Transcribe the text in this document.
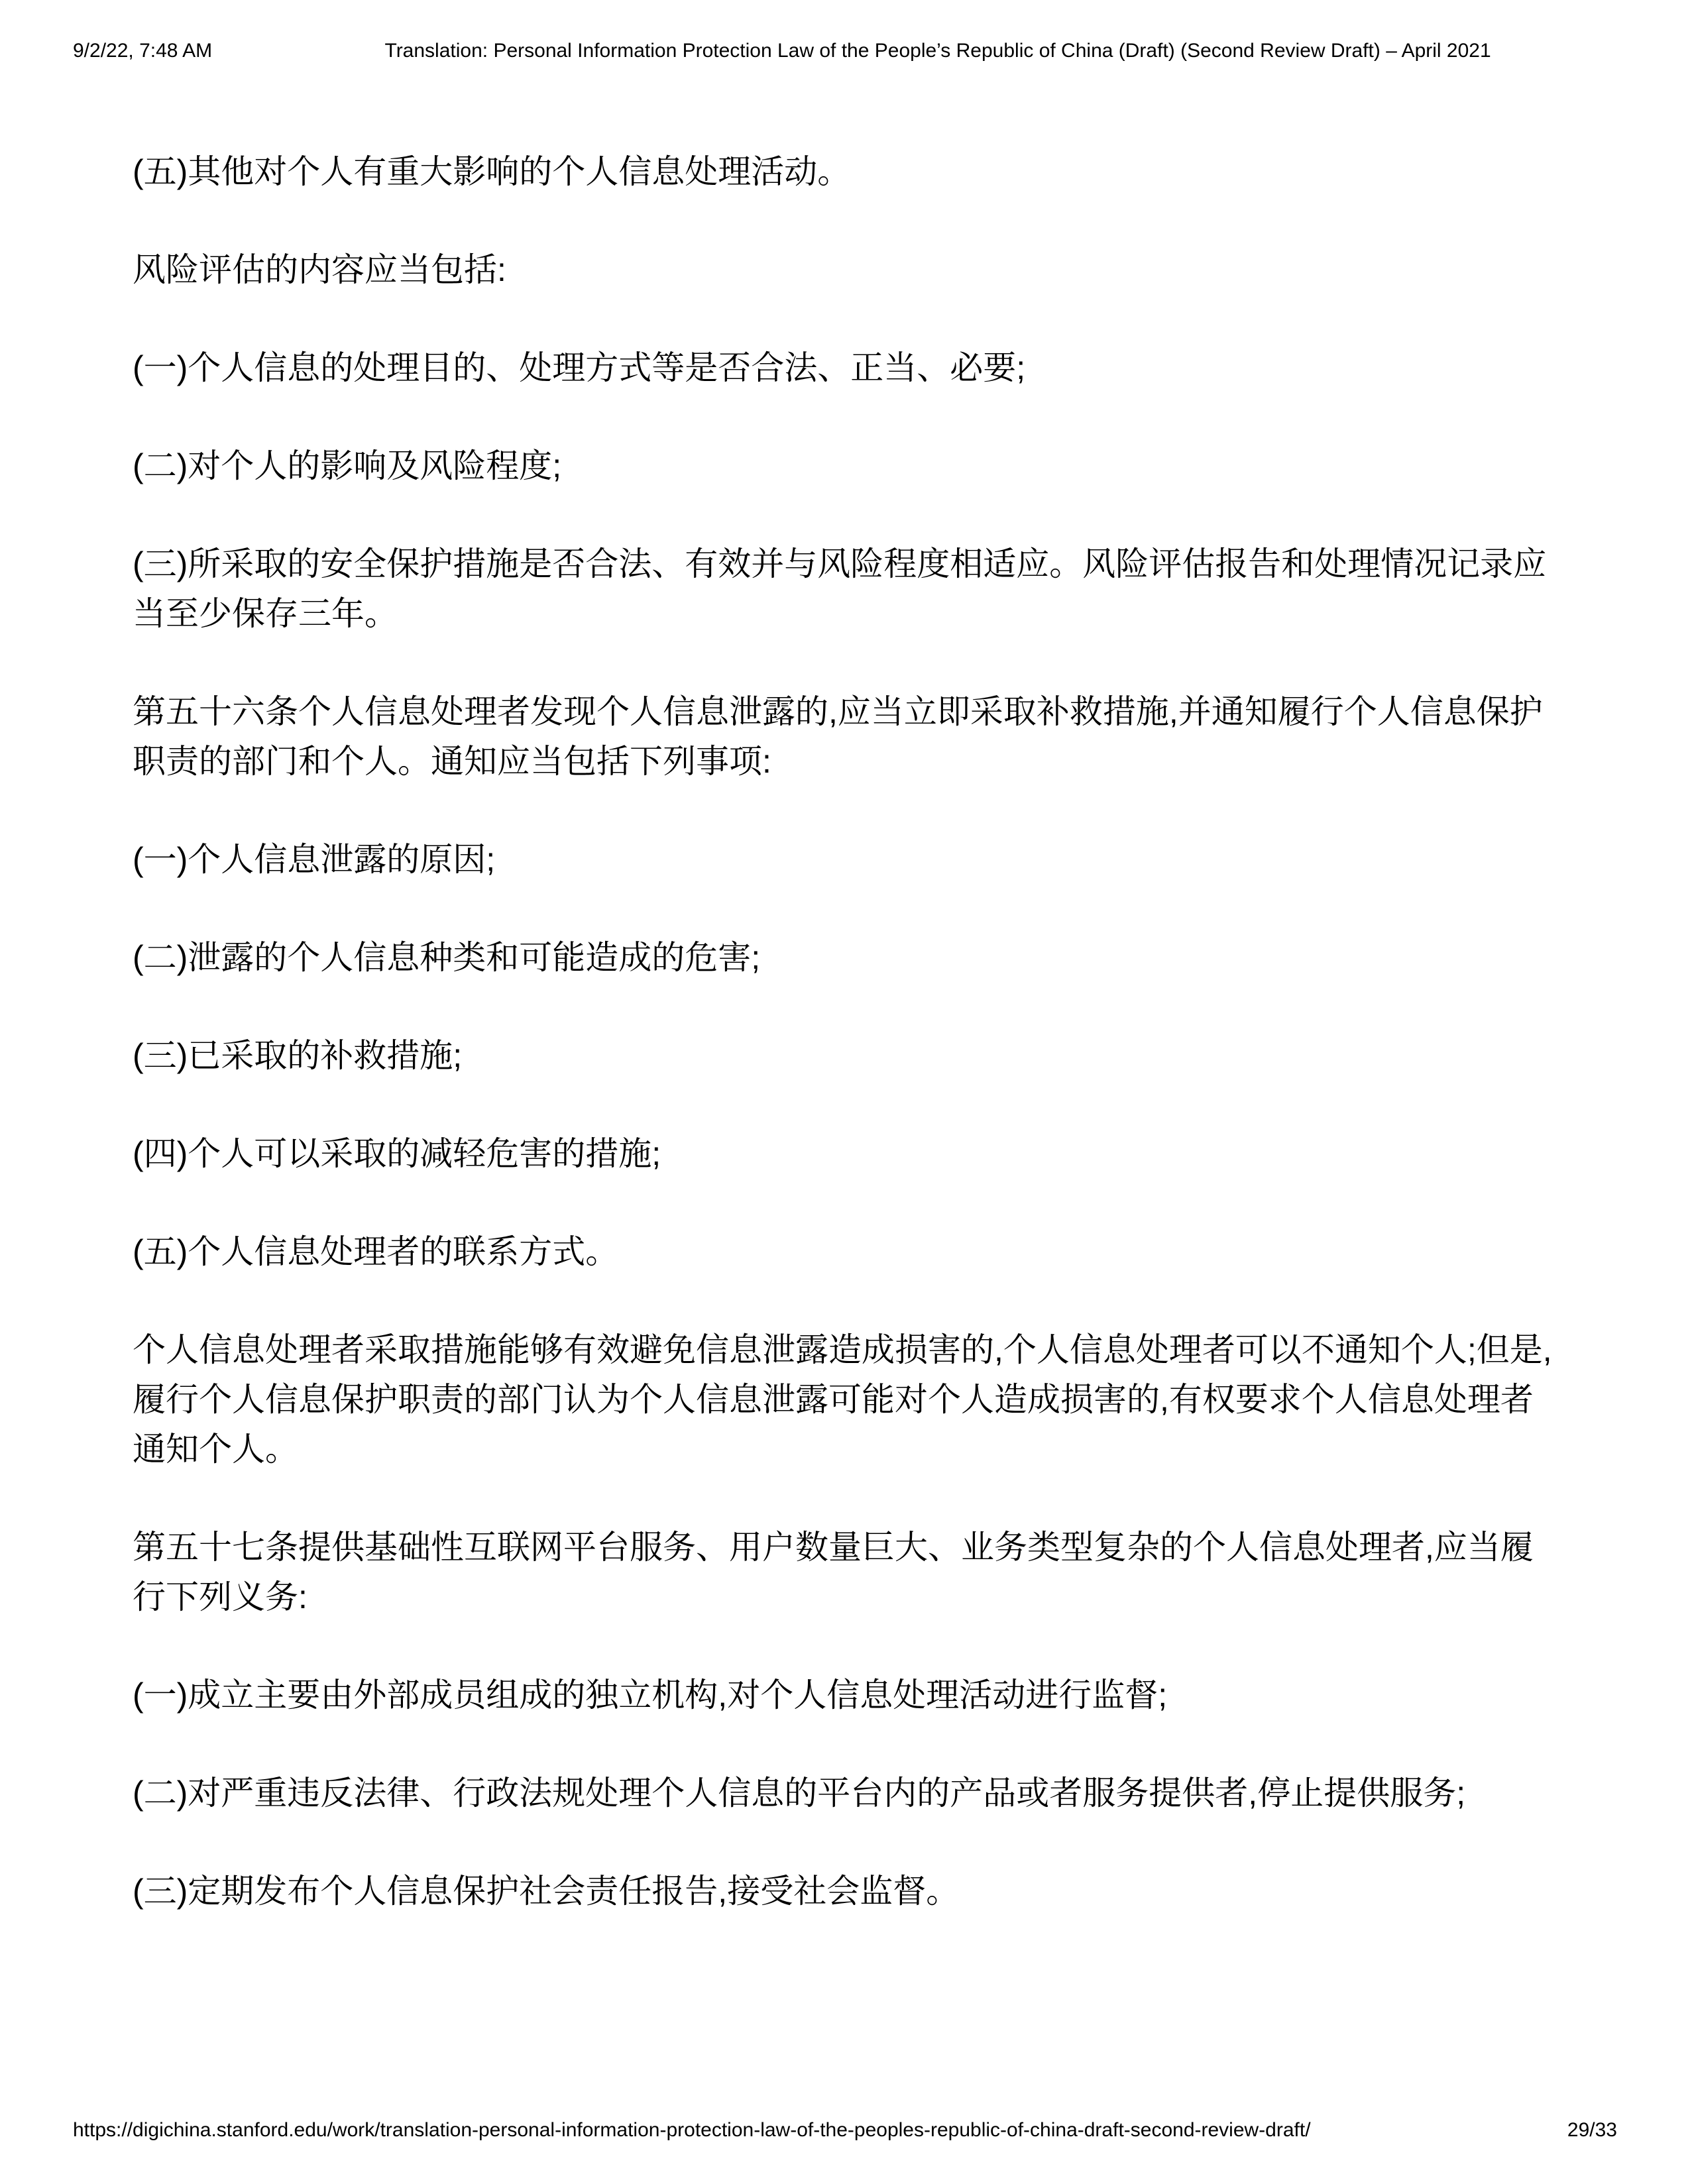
9/2/22, 7:48 AM	Translation: Personal Information Protection Law of the People’s Republic of China (Draft) (Second Review Draft) – April 2021

(五)其他对个人有重大影响的个人信息处理活动。

风险评估的内容应当包括:

(一)个人信息的处理目的、处理方式等是否合法、正当、必要;

(二)对个人的影响及风险程度;

(三)所采取的安全保护措施是否合法、有效并与风险程度相适应。风险评估报告和处理情况记录应当至少保存三年。

第五十六条个人信息处理者发现个人信息泄露的,应当立即采取补救措施,并通知履行个人信息保护职责的部门和个人。通知应当包括下列事项:

(一)个人信息泄露的原因;

(二)泄露的个人信息种类和可能造成的危害;

(三)已采取的补救措施;

(四)个人可以采取的减轻危害的措施;

(五)个人信息处理者的联系方式。

个人信息处理者采取措施能够有效避免信息泄露造成损害的,个人信息处理者可以不通知个人;但是,履行个人信息保护职责的部门认为个人信息泄露可能对个人造成损害的,有权要求个人信息处理者通知个人。

第五十七条提供基础性互联网平台服务、用户数量巨大、业务类型复杂的个人信息处理者,应当履行下列义务:

(一)成立主要由外部成员组成的独立机构,对个人信息处理活动进行监督;

(二)对严重违反法律、行政法规处理个人信息的平台内的产品或者服务提供者,停止提供服务;

(三)定期发布个人信息保护社会责任报告,接受社会监督。

https://digichina.stanford.edu/work/translation-personal-information-protection-law-of-the-peoples-republic-of-china-draft-second-review-draft/	29/33
